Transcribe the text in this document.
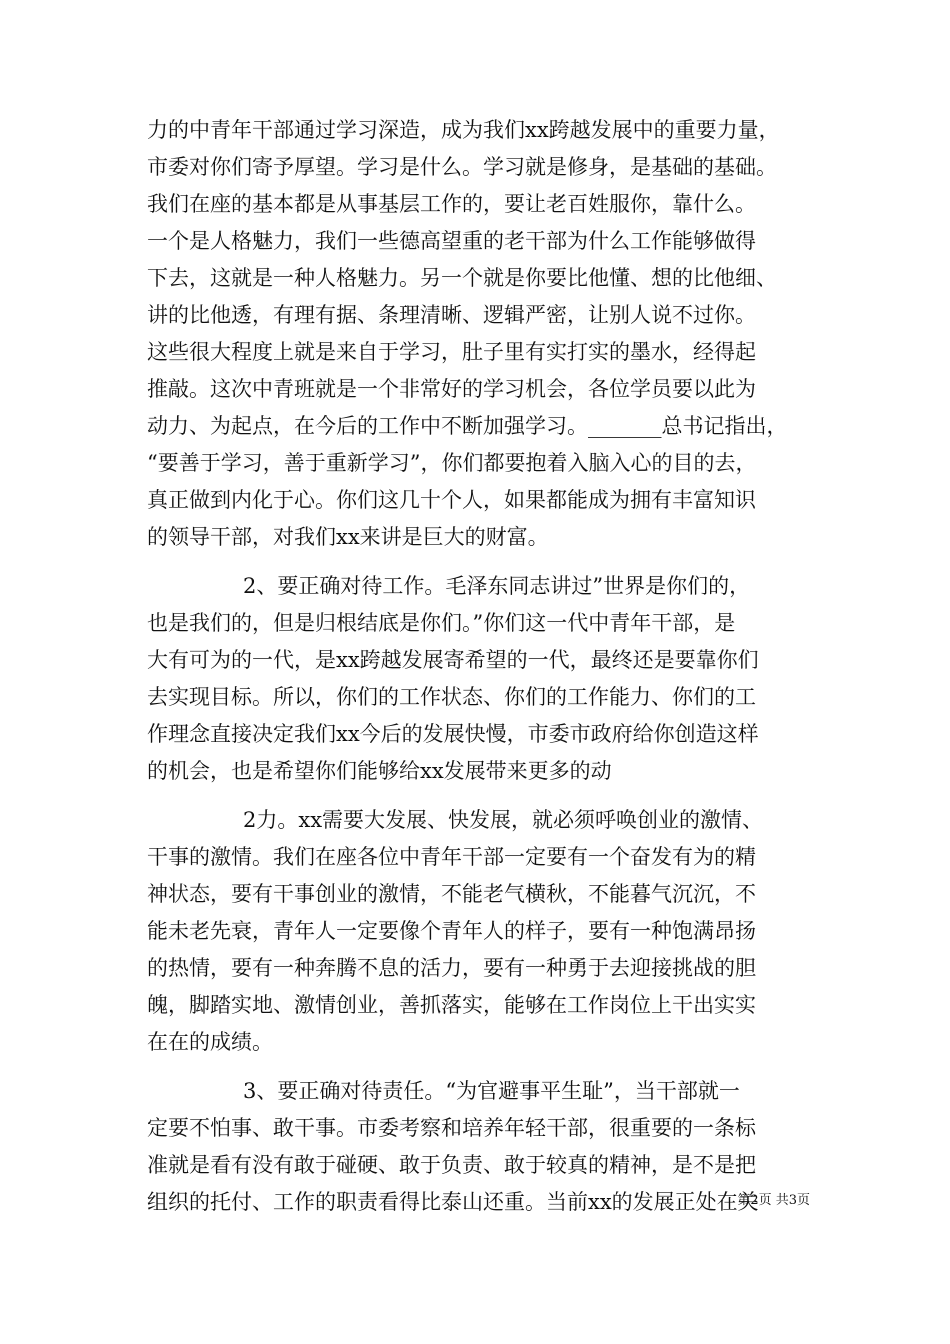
力的中青年干部通过学习深造，成为我们xx跨越发展中的重要力量，
市委对你们寄予厚望。学习是什么。学习就是修身，是基础的基础。
我们在座的基本都是从事基层工作的，要让老百姓服你，靠什么。
一个是人格魅力，我们一些德高望重的老干部为什么工作能够做得
下去，这就是一种人格魅力。另一个就是你要比他懂、想的比他细、
讲的比他透，有理有据、条理清晰、逻辑严密，让别人说不过你。
这些很大程度上就是来自于学习，肚子里有实打实的墨水，经得起
推敲。这次中青班就是一个非常好的学习机会，各位学员要以此为
动力、为起点，在今后的工作中不断加强学习。_______总书记指出，
“要善于学习，善于重新学习”，你们都要抱着入脑入心的目的去，
真正做到内化于心。你们这几十个人，如果都能成为拥有丰富知识
的领导干部，对我们xx来讲是巨大的财富。
2、要正确对待工作。毛泽东同志讲过”世界是你们的，
也是我们的，但是归根结底是你们。”你们这一代中青年干部，是
大有可为的一代，是xx跨越发展寄希望的一代，最终还是要靠你们
去实现目标。所以，你们的工作状态、你们的工作能力、你们的工
作理念直接决定我们xx今后的发展快慢，市委市政府给你创造这样
的机会，也是希望你们能够给xx发展带来更多的动
2力。xx需要大发展、快发展，就必须呼唤创业的激情、
干事的激情。我们在座各位中青年干部一定要有一个奋发有为的精
神状态，要有干事创业的激情，不能老气横秋，不能暮气沉沉，不
能未老先衰，青年人一定要像个青年人的样子，要有一种饱满昂扬
的热情，要有一种奔腾不息的活力，要有一种勇于去迎接挑战的胆
魄，脚踏实地、激情创业，善抓落实，能够在工作岗位上干出实实
在在的成绩。
3、要正确对待责任。“为官避事平生耻”，当干部就一
定要不怕事、敢干事。市委考察和培养年轻干部，很重要的一条标
准就是看有没有敢于碰硬、敢于负责、敢于较真的精神，是不是把
组织的托付、工作的职责看得比泰山还重。当前xx的发展正处在关
第2页 共3页
